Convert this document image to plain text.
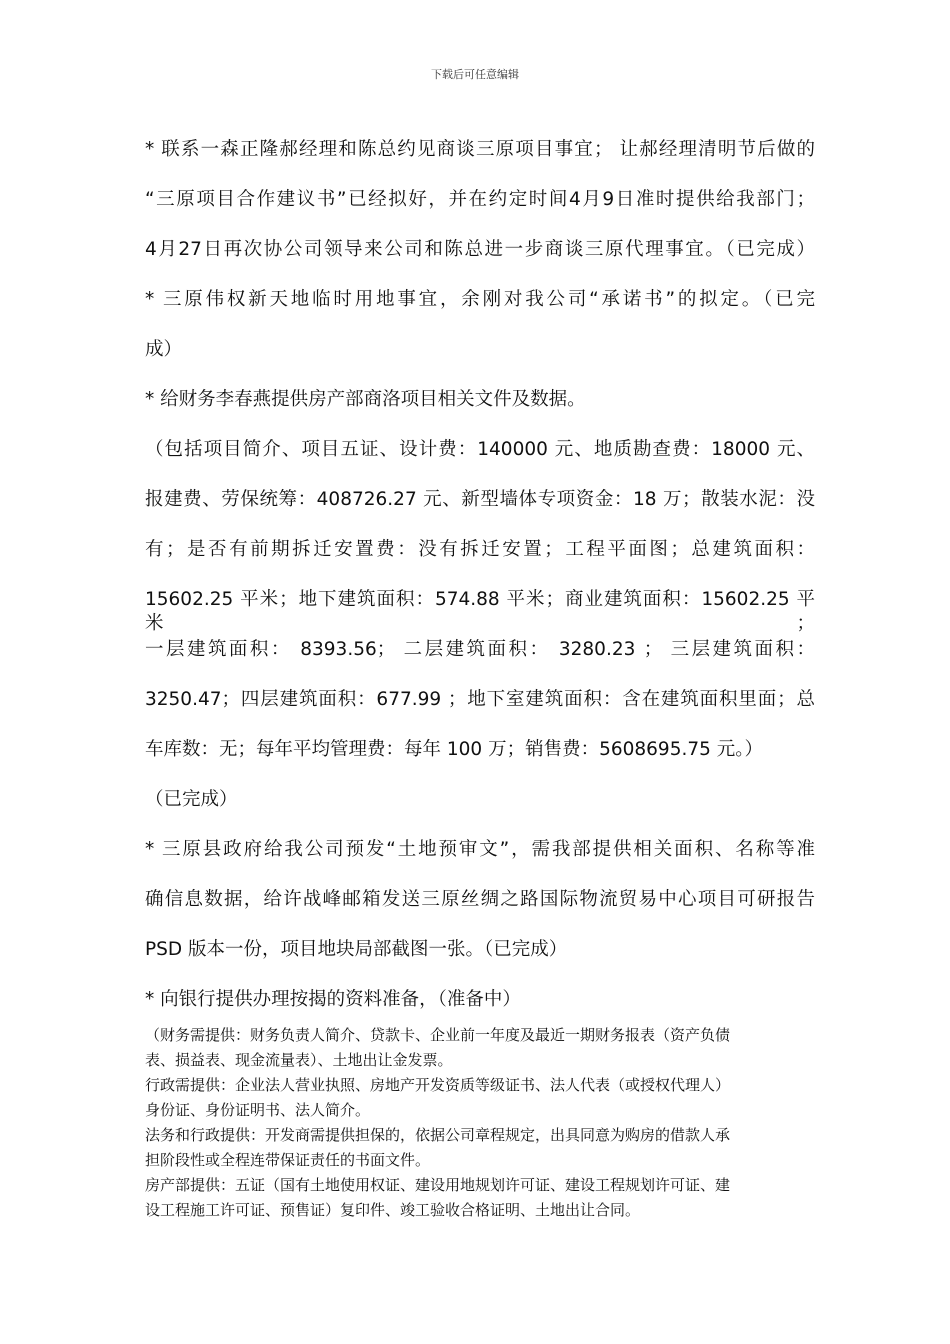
下载后可任意编辑
* 联系一森正隆郝经理和陈总约见商谈三原项目事宜； 让郝经理清明节后做的
“三原项目合作建议书”已经拟好，并在约定时间4月9日准时提供给我部门；
4月27日再次协公司领导来公司和陈总进一步商谈三原代理事宜。（已完成）
* 三原伟权新天地临时用地事宜，余刚对我公司“承诺书”的拟定。（已完
成）
* 给财务李春燕提供房产部商洛项目相关文件及数据。
（包括项目简介、项目五证、设计费：140000 元、地质勘查费：18000 元、
报建费、劳保统筹：408726.27 元、新型墙体专项资金：18 万；散装水泥：没
有；是否有前期拆迁安置费：没有拆迁安置；工程平面图；总建筑面积：
15602.25 平米；地下建筑面积：574.88 平米；商业建筑面积：15602.25 平米；
一层建筑面积： 8393.56； 二层建筑面积： 3280.23 ； 三层建筑面积：
3250.47；四层建筑面积：677.99 ；地下室建筑面积：含在建筑面积里面；总
车库数：无；每年平均管理费：每年 100 万；销售费：5608695.75 元。）
（已完成）
* 三原县政府给我公司预发“土地预审文”，需我部提供相关面积、名称等准
确信息数据，给许战峰邮箱发送三原丝绸之路国际物流贸易中心项目可研报告
PSD 版本一份，项目地块局部截图一张。（已完成）
* 向银行提供办理按揭的资料准备，（准备中）
（财务需提供：财务负责人简介、贷款卡、企业前一年度及最近一期财务报表（资产负债
表、损益表、现金流量表）、土地出让金发票。
行政需提供：企业法人营业执照、房地产开发资质等级证书、法人代表（或授权代理人）
身份证、身份证明书、法人简介。
法务和行政提供：开发商需提供担保的，依据公司章程规定，出具同意为购房的借款人承
担阶段性或全程连带保证责任的书面文件。
房产部提供：五证（国有土地使用权证、建设用地规划许可证、建设工程规划许可证、建
设工程施工许可证、预售证）复印件、竣工验收合格证明、土地出让合同。
